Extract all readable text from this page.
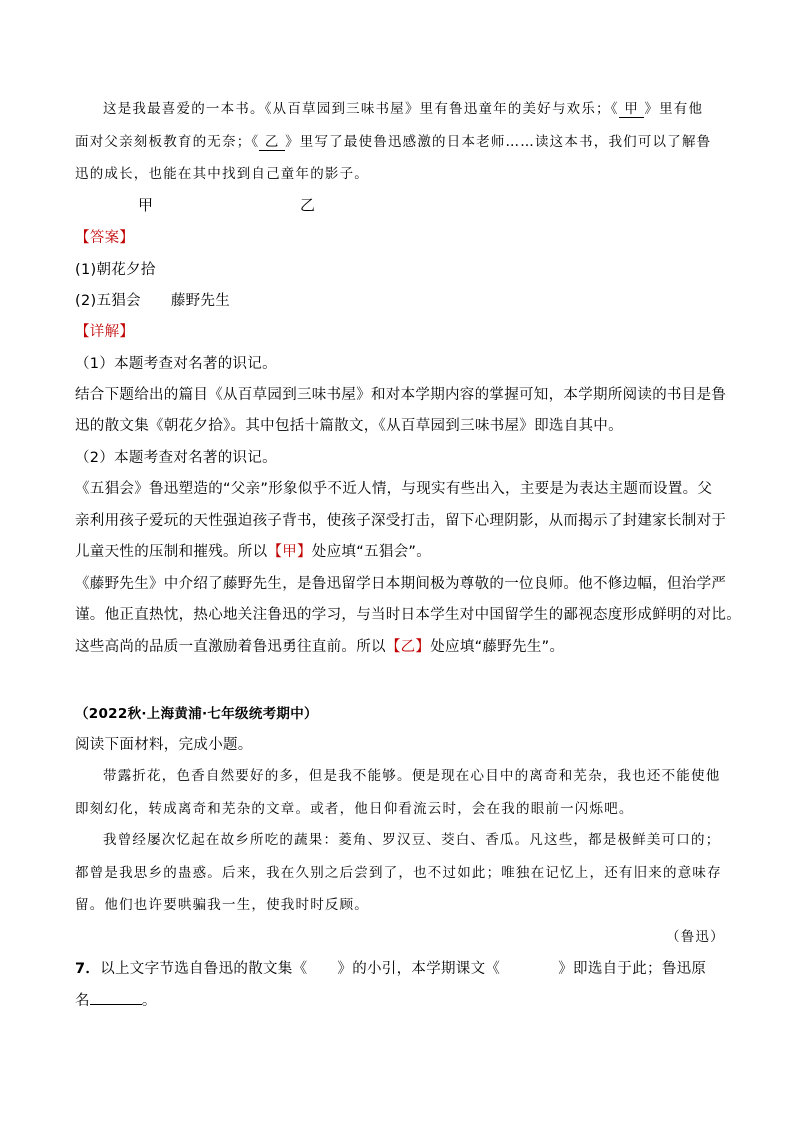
这是我最喜爱的一本书。《从百草园到三味书屋》里有鲁迅童年的美好与欢乐；《 甲 》里有他
面对父亲刻板教育的无奈；《 乙 》里写了最使鲁迅感激的日本老师……读这本书，我们可以了解鲁
迅的成长，也能在其中找到自己童年的影子。
甲	乙
【答案】
(1)朝花夕拾
(2)五猖会 藤野先生
【详解】
（1）本题考查对名著的识记。
结合下题给出的篇目《从百草园到三味书屋》和对本学期内容的掌握可知，本学期所阅读的书目是鲁
迅的散文集《朝花夕拾》。其中包括十篇散文，《从百草园到三味书屋》即选自其中。
（2）本题考查对名著的识记。
《五猖会》鲁迅塑造的“父亲”形象似乎不近人情，与现实有些出入，主要是为表达主题而设置。父
亲利用孩子爱玩的天性强迫孩子背书，使孩子深受打击，留下心理阴影，从而揭示了封建家长制对于
儿童天性的压制和摧残。所以【甲】处应填“五猖会”。
《藤野先生》中介绍了藤野先生，是鲁迅留学日本期间极为尊敬的一位良师。他不修边幅，但治学严
谨。他正直热忱，热心地关注鲁迅的学习，与当时日本学生对中国留学生的鄙视态度形成鲜明的对比。
这些高尚的品质一直激励着鲁迅勇往直前。所以【乙】处应填“藤野先生”。
（2022秋·上海黄浦·七年级统考期中）
阅读下面材料，完成小题。
带露折花，色香自然要好的多，但是我不能够。便是现在心目中的离奇和芜杂，我也还不能使他
即刻幻化，转成离奇和芜杂的文章。或者，他日仰看流云时，会在我的眼前一闪烁吧。
我曾经屡次忆起在故乡所吃的蔬果：菱角、罗汉豆、茭白、香瓜。凡这些，都是极鲜美可口的；
都曾是我思乡的蛊惑。后来，我在久别之后尝到了，也不过如此；唯独在记忆上，还有旧来的意味存
留。他们也许要哄骗我一生，使我时时反顾。
（鲁迅）
7．以上文字节选自鲁迅的散文集《 》的小引，本学期课文《	》即选自于此；鲁迅原
名	。
